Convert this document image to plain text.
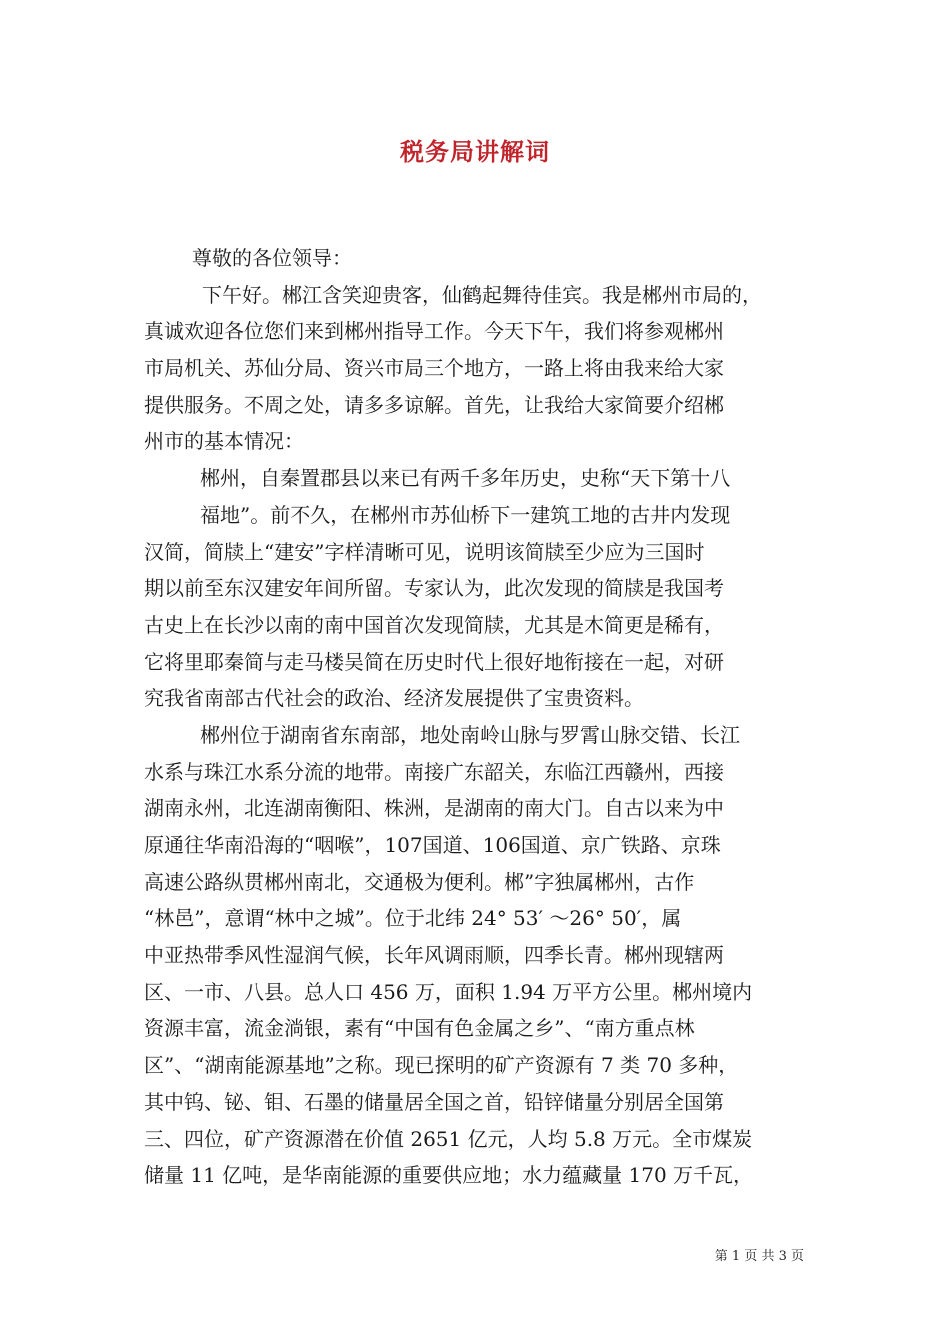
税务局讲解词
尊敬的各位领导：
下午好。郴江含笑迎贵客，仙鹤起舞待佳宾。我是郴州市局的，
真诚欢迎各位您们来到郴州指导工作。今天下午，我们将参观郴州
市局机关、苏仙分局、资兴市局三个地方，一路上将由我来给大家
提供服务。不周之处，请多多谅解。首先，让我给大家简要介绍郴
州市的基本情况：
郴州，自秦置郡县以来已有两千多年历史，史称“天下第十八
福地”。前不久，在郴州市苏仙桥下一建筑工地的古井内发现
汉简，简牍上“建安”字样清晰可见，说明该简牍至少应为三国时
期以前至东汉建安年间所留。专家认为，此次发现的简牍是我国考
古史上在长沙以南的南中国首次发现简牍，尤其是木简更是稀有，
它将里耶秦简与走马楼吴简在历史时代上很好地衔接在一起，对研
究我省南部古代社会的政治、经济发展提供了宝贵资料。
郴州位于湖南省东南部，地处南岭山脉与罗霄山脉交错、长江
水系与珠江水系分流的地带。南接广东韶关，东临江西赣州，西接
湖南永州，北连湖南衡阳、株洲，是湖南的南大门。自古以来为中
原通往华南沿海的“咽喉”，107国道、106国道、京广铁路、京珠
高速公路纵贯郴州南北，交通极为便利。郴”字独属郴州，古作
“林邑”，意谓“林中之城”。位于北纬 24° 53′ ～26° 50′，属
中亚热带季风性湿润气候，长年风调雨顺，四季长青。郴州现辖两
区、一市、八县。总人口 456 万，面积 1.94 万平方公里。郴州境内
资源丰富，流金淌银，素有“中国有色金属之乡”、“南方重点林
区”、“湖南能源基地”之称。现已探明的矿产资源有 7 类 70 多种，
其中钨、铋、钼、石墨的储量居全国之首，铅锌储量分别居全国第
三、四位，矿产资源潜在价值 2651 亿元，人均 5.8 万元。全市煤炭
储量 11 亿吨，是华南能源的重要供应地；水力蕴藏量 170 万千瓦，
第 1 页 共 3 页
